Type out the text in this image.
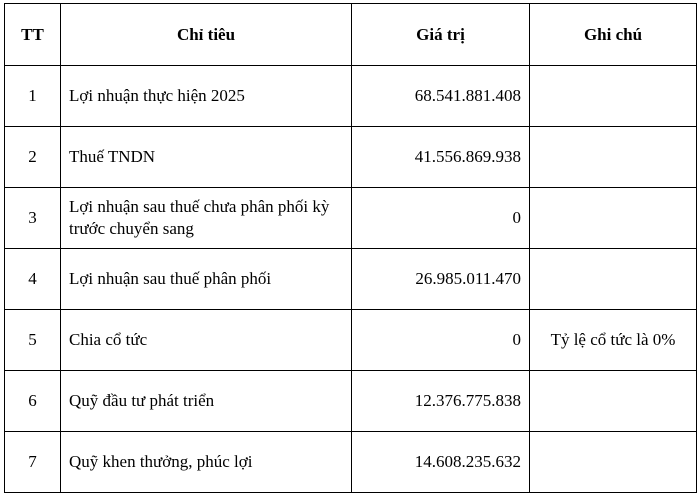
TT	Chỉ tiêu	Giá trị	Ghi chú
1	Lợi nhuận thực hiện 2025	68.541.881.408	
2	Thuế TNDN	41.556.869.938	
3	Lợi nhuận sau thuế chưa phân phối kỳ trước chuyển sang	0	
4	Lợi nhuận sau thuế phân phối	26.985.011.470	
5	Chia cổ tức	0	Tỷ lệ cổ tức là 0%
6	Quỹ đầu tư phát triển	12.376.775.838	
7	Quỹ khen thưởng, phúc lợi	14.608.235.632	
